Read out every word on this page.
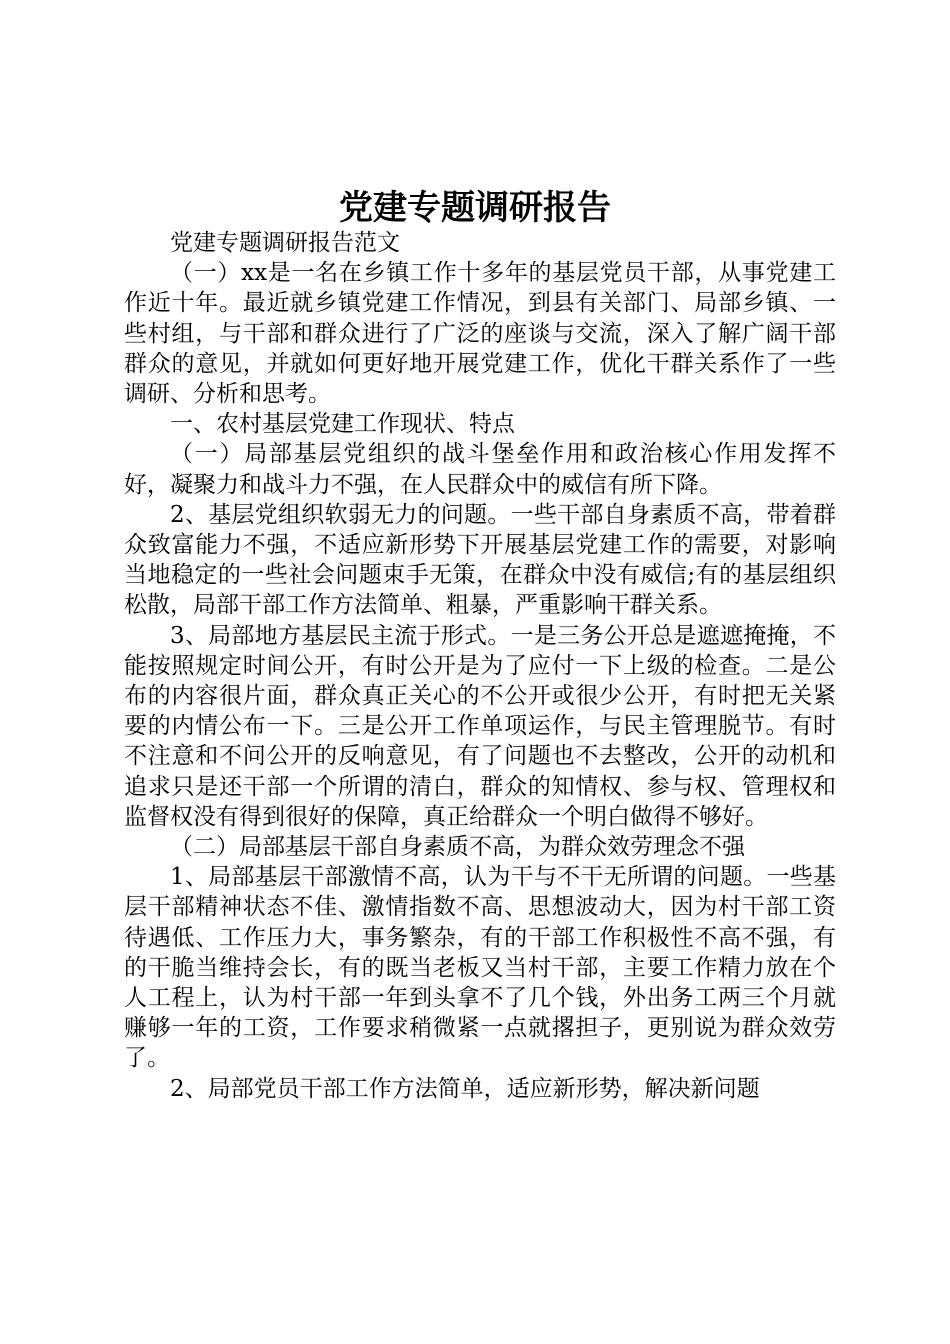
党建专题调研报告

党建专题调研报告范文

（一）xx是一名在乡镇工作十多年的基层党员干部，从事党建工作近十年。最近就乡镇党建工作情况，到县有关部门、局部乡镇、一些村组，与干部和群众进行了广泛的座谈与交流，深入了解广阔干部群众的意见，并就如何更好地开展党建工作，优化干群关系作了一些调研、分析和思考。

一、农村基层党建工作现状、特点

（一）局部基层党组织的战斗堡垒作用和政治核心作用发挥不好，凝聚力和战斗力不强，在人民群众中的威信有所下降。

2、基层党组织软弱无力的问题。一些干部自身素质不高，带着群众致富能力不强，不适应新形势下开展基层党建工作的需要，对影响当地稳定的一些社会问题束手无策，在群众中没有威信;有的基层组织松散，局部干部工作方法简单、粗暴，严重影响干群关系。

3、局部地方基层民主流于形式。一是三务公开总是遮遮掩掩，不能按照规定时间公开，有时公开是为了应付一下上级的检查。二是公布的内容很片面，群众真正关心的不公开或很少公开，有时把无关紧要的内情公布一下。三是公开工作单项运作，与民主管理脱节。有时不注意和不问公开的反响意见，有了问题也不去整改，公开的动机和追求只是还干部一个所谓的清白，群众的知情权、参与权、管理权和监督权没有得到很好的保障，真正给群众一个明白做得不够好。

（二）局部基层干部自身素质不高，为群众效劳理念不强

1、局部基层干部激情不高，认为干与不干无所谓的问题。一些基层干部精神状态不佳、激情指数不高、思想波动大，因为村干部工资待遇低、工作压力大，事务繁杂，有的干部工作积极性不高不强，有的干脆当维持会长，有的既当老板又当村干部，主要工作精力放在个人工程上，认为村干部一年到头拿不了几个钱，外出务工两三个月就赚够一年的工资，工作要求稍微紧一点就撂担子，更别说为群众效劳了。

2、局部党员干部工作方法简单，适应新形势，解决新问题
